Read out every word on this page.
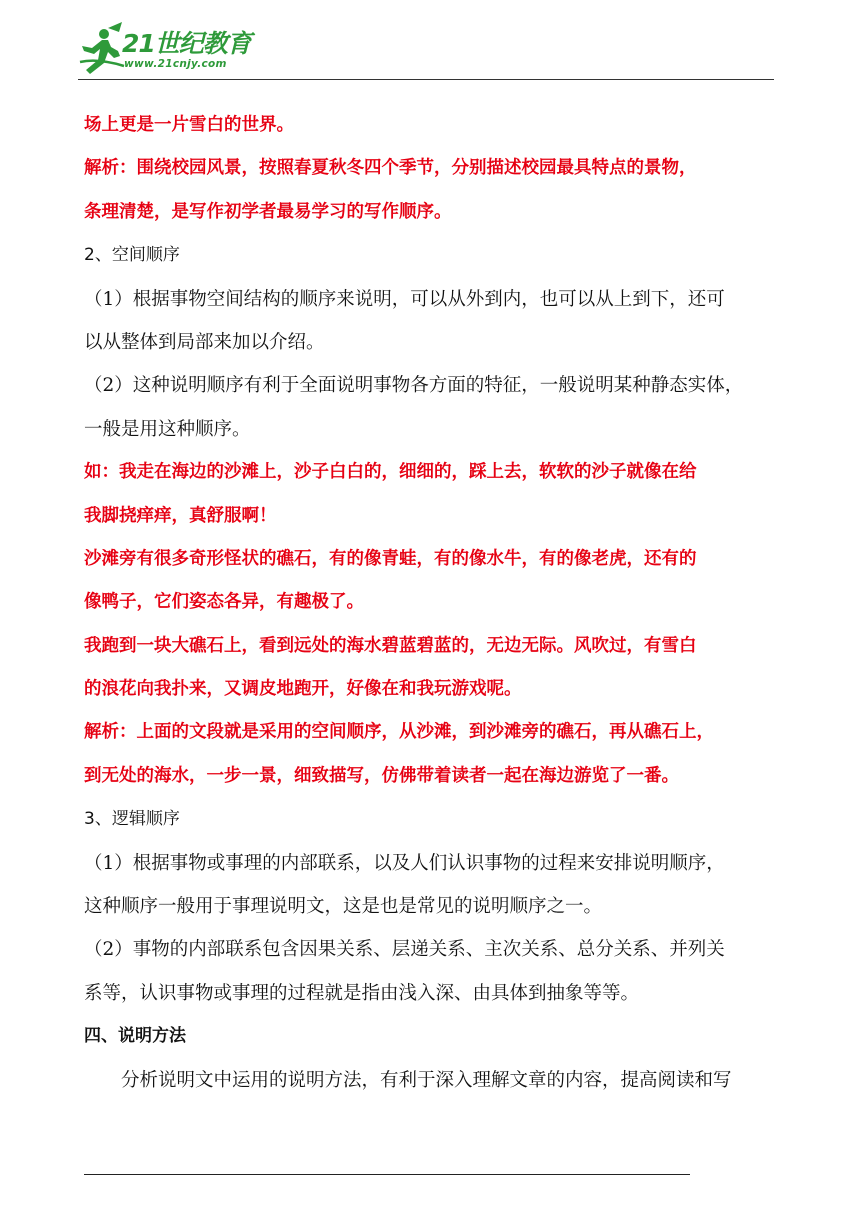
21世纪教育
www.21cnjy.com
场上更是一片雪白的世界。
解析：围绕校园风景，按照春夏秋冬四个季节，分别描述校园最具特点的景物，
条理清楚，是写作初学者最易学习的写作顺序。
2、空间顺序
（1）根据事物空间结构的顺序来说明，可以从外到内，也可以从上到下，还可
以从整体到局部来加以介绍。
（2）这种说明顺序有利于全面说明事物各方面的特征，一般说明某种静态实体，
一般是用这种顺序。
如：我走在海边的沙滩上，沙子白白的，细细的，踩上去，软软的沙子就像在给
我脚挠痒痒，真舒服啊！
沙滩旁有很多奇形怪状的礁石，有的像青蛙，有的像水牛，有的像老虎，还有的
像鸭子，它们姿态各异，有趣极了。
我跑到一块大礁石上，看到远处的海水碧蓝碧蓝的，无边无际。风吹过，有雪白
的浪花向我扑来，又调皮地跑开，好像在和我玩游戏呢。
解析：上面的文段就是采用的空间顺序，从沙滩，到沙滩旁的礁石，再从礁石上，
到无处的海水，一步一景，细致描写，仿佛带着读者一起在海边游览了一番。
3、逻辑顺序
（1）根据事物或事理的内部联系，以及人们认识事物的过程来安排说明顺序，
这种顺序一般用于事理说明文，这是也是常见的说明顺序之一。
（2）事物的内部联系包含因果关系、层递关系、主次关系、总分关系、并列关
系等，认识事物或事理的过程就是指由浅入深、由具体到抽象等等。
四、说明方法
分析说明文中运用的说明方法，有利于深入理解文章的内容，提高阅读和写
